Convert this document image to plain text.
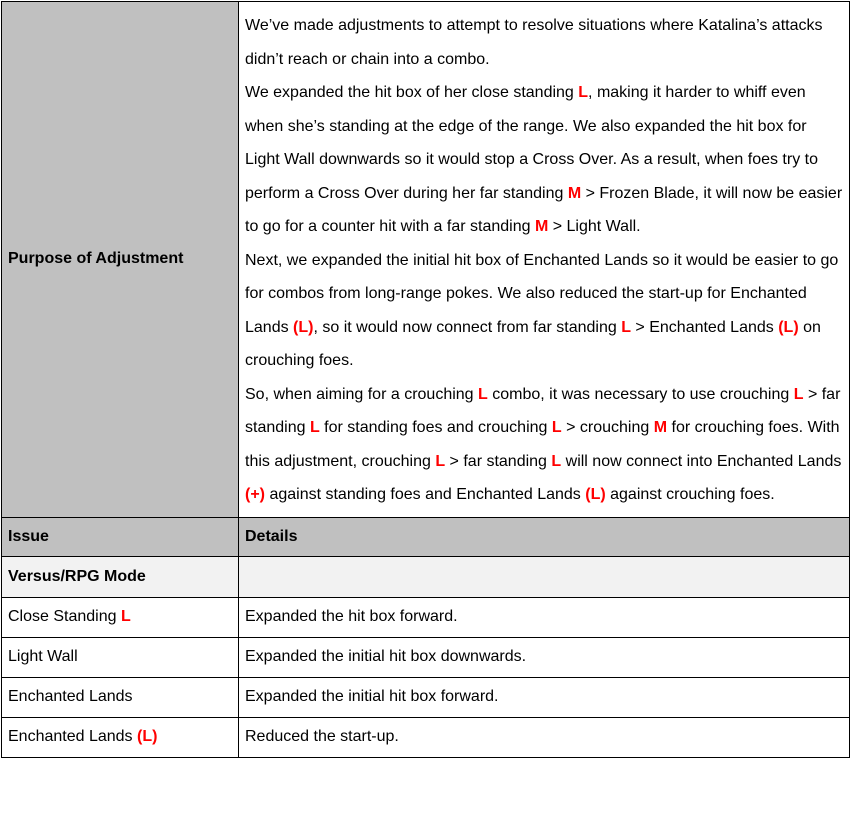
Purpose of Adjustment	We’ve made adjustments to attempt to resolve situations where Katalina’s attacks didn’t reach or chain into a combo.
We expanded the hit box of her close standing L, making it harder to whiff even when she’s standing at the edge of the range. We also expanded the hit box for Light Wall downwards so it would stop a Cross Over. As a result, when foes try to perform a Cross Over during her far standing M > Frozen Blade, it will now be easier to go for a counter hit with a far standing M > Light Wall.
Next, we expanded the initial hit box of Enchanted Lands so it would be easier to go for combos from long-range pokes. We also reduced the start-up for Enchanted Lands (L), so it would now connect from far standing L > Enchanted Lands (L) on crouching foes.
So, when aiming for a crouching L combo, it was necessary to use crouching L > far standing L for standing foes and crouching L > crouching M for crouching foes. With this adjustment, crouching L > far standing L will now connect into Enchanted Lands (+) against standing foes and Enchanted Lands (L) against crouching foes.

Issue	Details
Versus/RPG Mode	
Close Standing L	Expanded the hit box forward.
Light Wall	Expanded the initial hit box downwards.
Enchanted Lands	Expanded the initial hit box forward.
Enchanted Lands (L)	Reduced the start-up.
